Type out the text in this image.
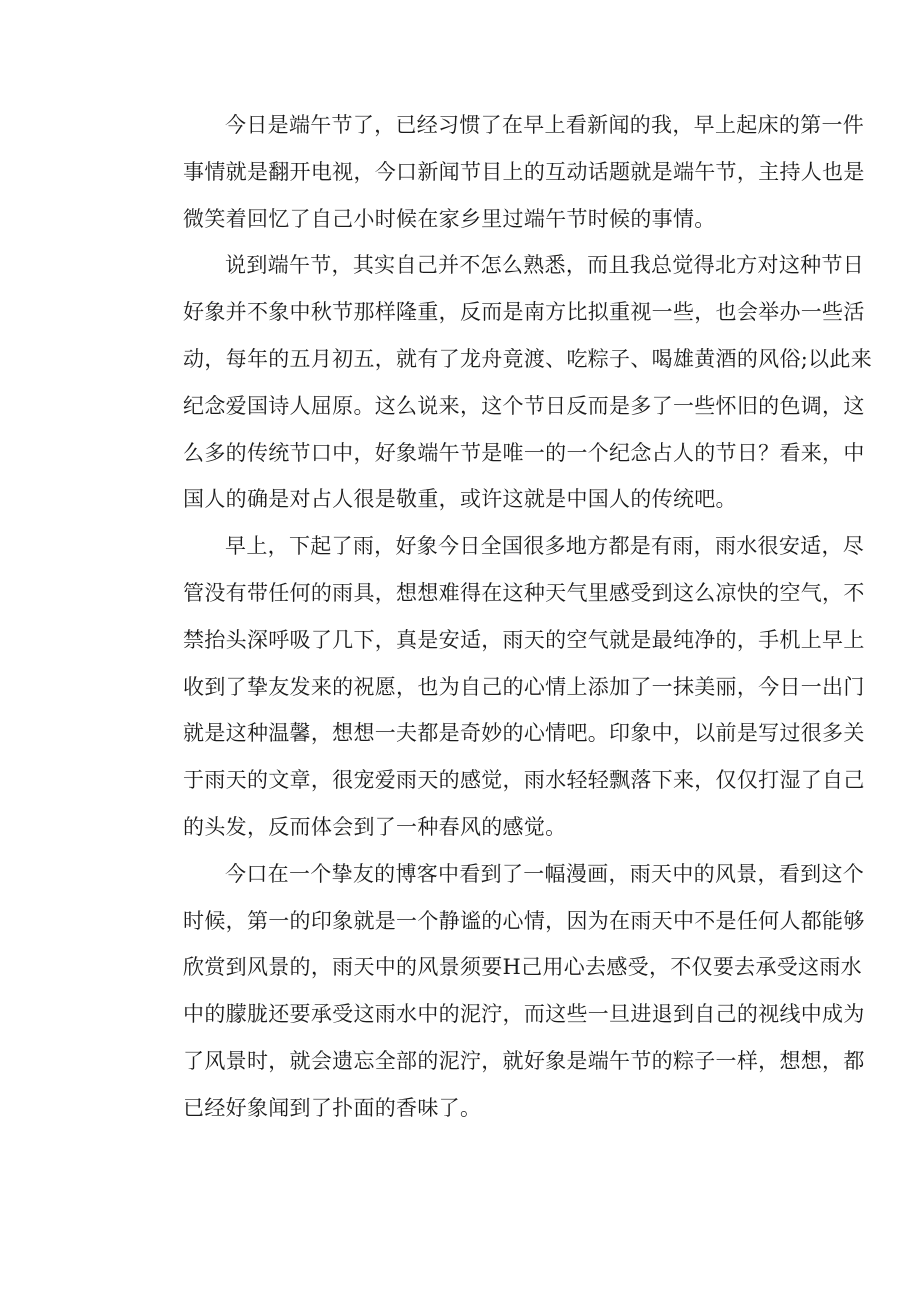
今日是端午节了，已经习惯了在早上看新闻的我，早上起床的第一件
事情就是翻开电视，今口新闻节目上的互动话题就是端午节，主持人也是
微笑着回忆了自己小时候在家乡里过端午节时候的事情。
说到端午节，其实自己并不怎么熟悉，而且我总觉得北方对这种节日
好象并不象中秋节那样隆重，反而是南方比拟重视一些，也会举办一些活
动，每年的五月初五，就有了龙舟竟渡、吃粽子、喝雄黄酒的风俗;以此来
纪念爱国诗人屈原。这么说来，这个节日反而是多了一些怀旧的色调，这
么多的传统节口中，好象端午节是唯一的一个纪念占人的节日？看来，中
国人的确是对占人很是敬重，或许这就是中国人的传统吧。
早上，下起了雨，好象今日全国很多地方都是有雨，雨水很安适，尽
管没有带任何的雨具，想想难得在这种天气里感受到这么凉快的空气，不
禁抬头深呼吸了几下，真是安适，雨天的空气就是最纯净的，手机上早上
收到了挚友发来的祝愿，也为自己的心情上添加了一抹美丽，今日一出门
就是这种温馨，想想一夫都是奇妙的心情吧。印象中，以前是写过很多关
于雨天的文章，很宠爱雨天的感觉，雨水轻轻飘落下来，仅仅打湿了自己
的头发，反而体会到了一种春风的感觉。
今口在一个挚友的博客中看到了一幅漫画，雨天中的风景，看到这个
时候，第一的印象就是一个静谧的心情，因为在雨天中不是任何人都能够
欣赏到风景的，雨天中的风景须要H己用心去感受，不仅要去承受这雨水
中的朦胧还要承受这雨水中的泥泞，而这些一旦进退到自己的视线中成为
了风景时，就会遗忘全部的泥泞，就好象是端午节的粽子一样，想想，都
已经好象闻到了扑面的香味了。
